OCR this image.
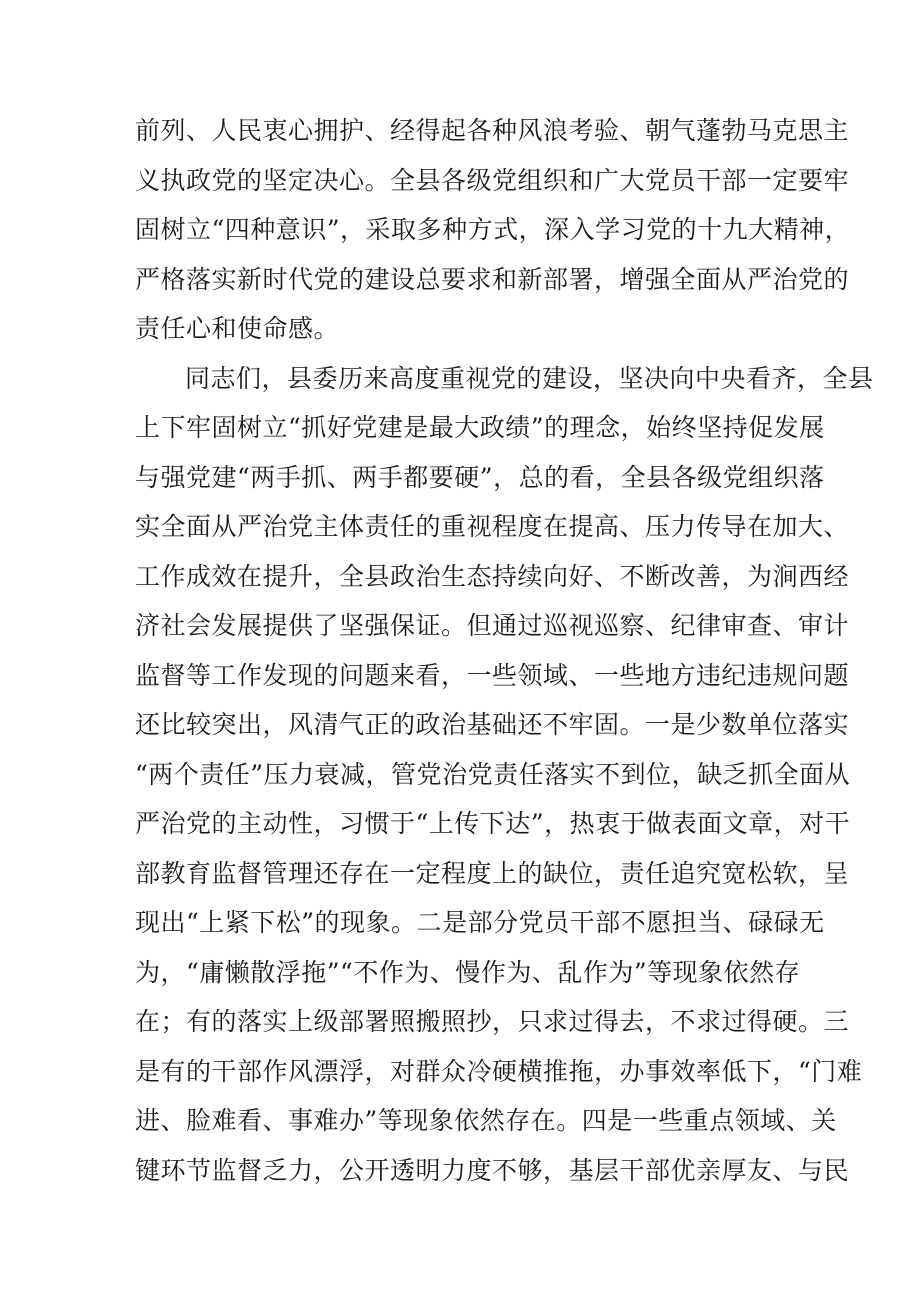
前列、人民衷心拥护、经得起各种风浪考验、朝气蓬勃马克思主
义执政党的坚定决心。全县各级党组织和广大党员干部一定要牢
固树立“四种意识”，采取多种方式，深入学习党的十九大精神，
严格落实新时代党的建设总要求和新部署，增强全面从严治党的
责任心和使命感。
同志们，县委历来高度重视党的建设，坚决向中央看齐，全县
上下牢固树立“抓好党建是最大政绩”的理念，始终坚持促发展
与强党建“两手抓、两手都要硬”，总的看，全县各级党组织落
实全面从严治党主体责任的重视程度在提高、压力传导在加大、
工作成效在提升，全县政治生态持续向好、不断改善，为涧西经
济社会发展提供了坚强保证。但通过巡视巡察、纪律审查、审计
监督等工作发现的问题来看，一些领域、一些地方违纪违规问题
还比较突出，风清气正的政治基础还不牢固。一是少数单位落实
“两个责任”压力衰减，管党治党责任落实不到位，缺乏抓全面从
严治党的主动性，习惯于“上传下达”，热衷于做表面文章，对干
部教育监督管理还存在一定程度上的缺位，责任追究宽松软，呈
现出“上紧下松”的现象。二是部分党员干部不愿担当、碌碌无
为，“庸懒散浮拖”“不作为、慢作为、乱作为”等现象依然存
在；有的落实上级部署照搬照抄，只求过得去，不求过得硬。三
是有的干部作风漂浮，对群众冷硬横推拖，办事效率低下，“门难
进、脸难看、事难办”等现象依然存在。四是一些重点领域、关
键环节监督乏力，公开透明力度不够，基层干部优亲厚友、与民
